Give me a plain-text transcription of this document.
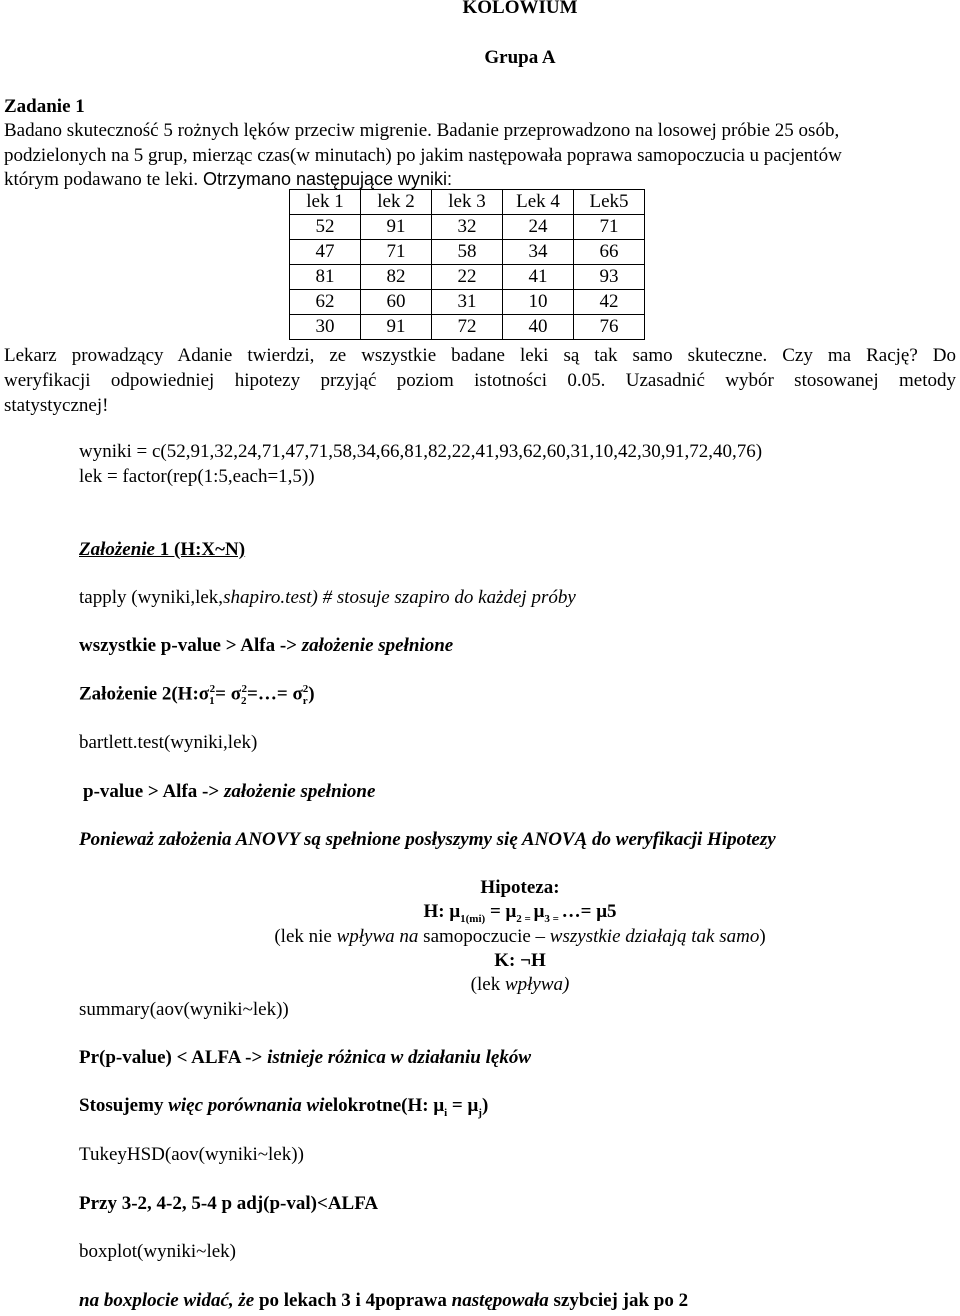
KOLOWIUM
Grupa A
Zadanie 1
Badano skuteczność 5 rożnych lęków przeciw migrenie. Badanie przeprowadzono na losowej próbie 25 osób,
podzielonych na 5 grup, mierząc czas(w minutach) po jakim następowała poprawa samopoczucia u pacjentów
którym podawano te leki. Otrzymano następujące wyniki:
lek 1	lek 2	lek 3	Lek 4	Lek5
52	91	32	24	71
47	71	58	34	66
81	82	22	41	93
62	60	31	10	42
30	91	72	40	76
Lekarz prowadzący Adanie twierdzi, ze wszystkie badane leki są tak samo skuteczne. Czy ma Rację? Do
weryfikacji odpowiedniej hipotezy przyjąć poziom istotności 0.05. Uzasadnić wybór stosowanej metody
statystycznej!
wyniki = c(52,91,32,24,71,47,71,58,34,66,81,82,22,41,93,62,60,31,10,42,30,91,72,40,76)
lek = factor(rep(1:5,each=1,5))
Założenie 1 (H:X~N)
tapply (wyniki,lek,shapiro.test) # stosuje szapiro do każdej próby
wszystkie p-value > Alfa -> założenie spełnione
Założenie $2(H:\sigma_1^2=$ $\sigma_2^2=\dots= \sigma_r^2$)
bartlett.test(wyniki,lek)
p-value > Alfa -> założenie spełnione
Ponieważ założenia ANOVY są spełnione posłyszymy się ANOVĄ do weryfikacji Hipotezy
Hipoteza:
H: $\mu_{1(mi)} = \mu_{2 =}$ $\mu_{3 =}$ …= μ5
(lek nie wpływa na samopoczucie – wszystkie działają tak samo)
K: ¬H
(lek wpływa)
summary(aov(wyniki~lek))
Pr(p-value) < ALFA -> istnieje różnica w działaniu lęków
Stosujemy więc porównania wielokrotne(H: $\mu_i = \mu_j$)
TukeyHSD(aov(wyniki~lek))
Przy 3-2, 4-2, 5-4 p adj(p-val)<ALFA
boxplot(wyniki~lek)
na boxplocie widać, że po lekach 3 i 4poprawa następowała szybciej jak po 2
